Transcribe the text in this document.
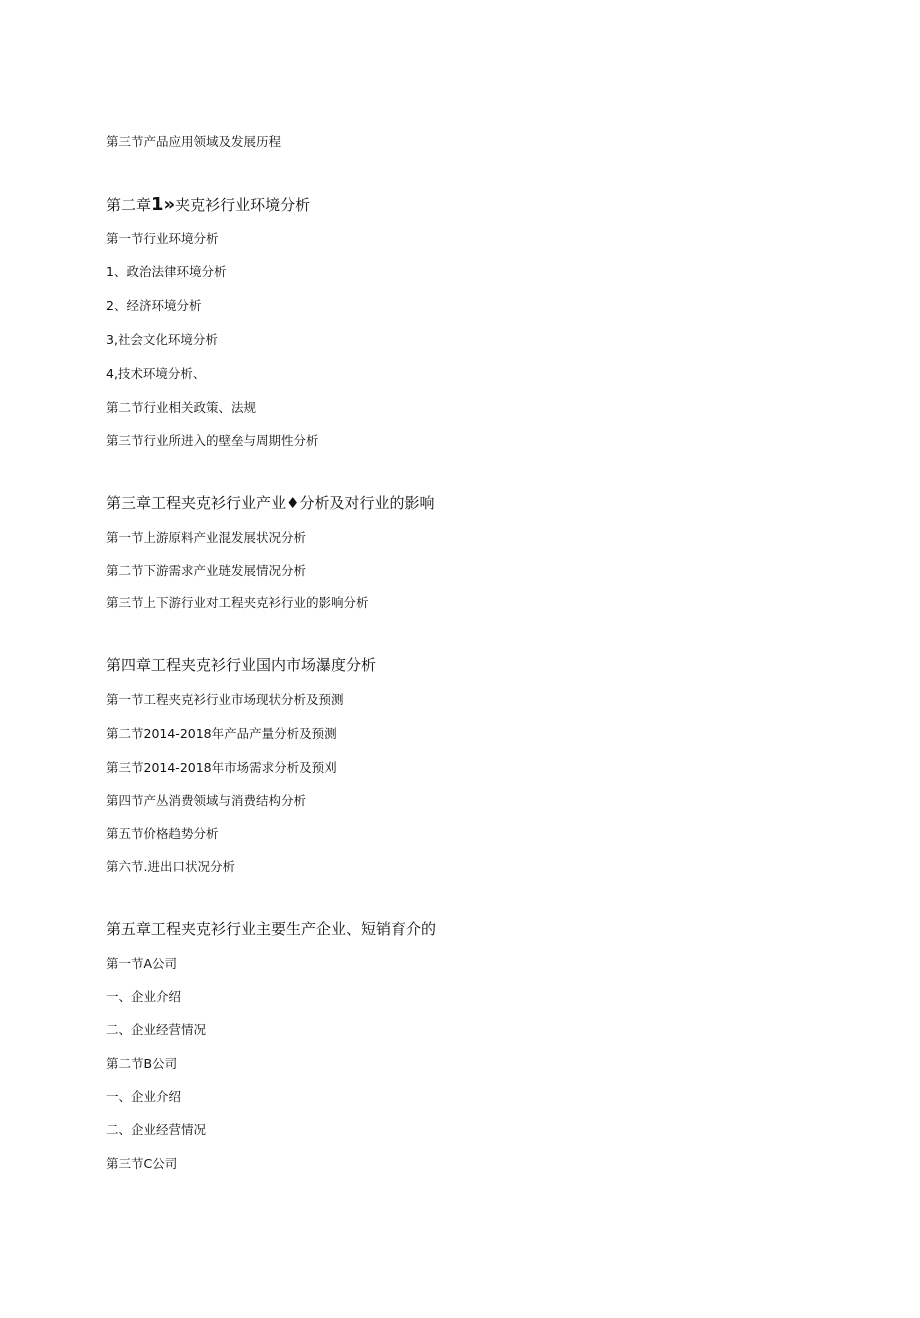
第三节产品应用领域及发展历程
第二章1»夹克衫行业环境分析
第一节行业环境分析
1、政治法律环境分析
2、经济环境分析
3,社会文化环境分析
4,技术环境分析、
第二节行业相关政策、法规
第三节行业所进入的壁垒与周期性分析
第三章工程夹克衫行业产业♦分析及对行业的影响
第一节上游原料产业混发展状况分析
第二节下游需求产业琏发展情况分析
第三节上下游行业对工程夹克衫行业的影响分析
第四章工程夹克衫行业国内市场瀑度分析
第一节工程夹克衫行业市场现状分析及预测
第二节2014-2018年产品产量分析及预测
第三节2014-2018年市场需求分析及预刈
第四节产丛消费领域与消费结构分析
第五节价格趋势分析
第六节.进出口状况分析
第五章工程夹克衫行业主要生产企业、短销育介的
第一节A公司
一、企业介绍
二、企业经营情况
第二节B公司
一、企业介绍
二、企业经营情况
第三节C公司
